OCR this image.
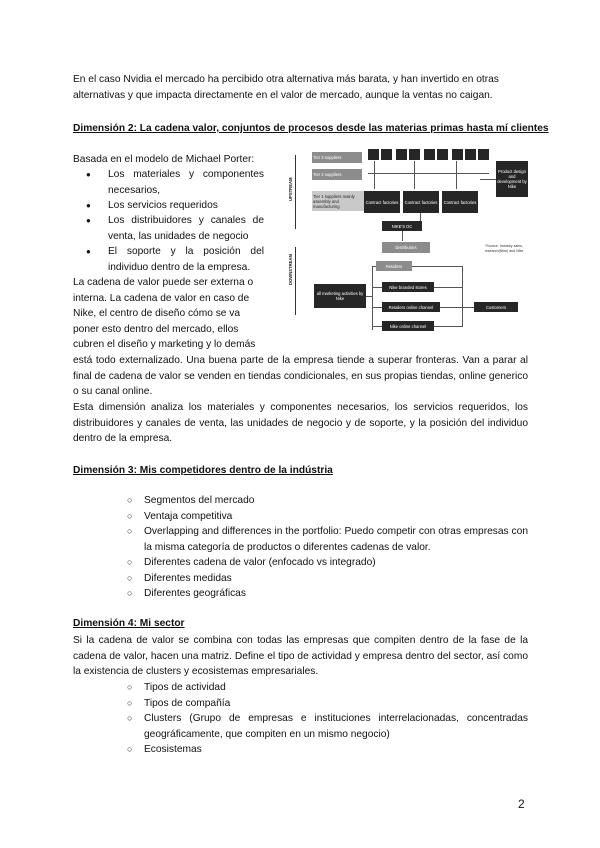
En el caso Nvidia el mercado ha percibido otra alternativa más barata, y han invertido en otras
alternativas y que impacta directamente en el valor de mercado, aunque la ventas no caigan.
Dimensión 2: La cadena valor, conjuntos de procesos desde las materias primas hasta mí clientes
Basada en el modelo de Michael Porter:
● Los materiales y componentes necesarios,
● Los servicios requeridos
● Los distribuidores y canales de venta, las unidades de negocio
● El soporte y la posición del individuo dentro de la empresa.
La cadena de valor puede ser externa o
interna. La cadena de valor en caso de
Nike, el centro de diseño cómo se va
poner esto dentro del mercado, ellos
cubren el diseño y marketing y lo demás
está todo externalizado. Una buena parte de la empresa tiende a superar fronteras. Van a parar al final de cadena de valor se venden en tiendas condicionales, en sus propias tiendas, online generico o su canal online.
Esta dimensión analiza los materiales y componentes necesarios, los servicios requeridos, los distribuidores y canales de venta, las unidades de negocio y de soporte, y la posición del individuo dentro de la empresa.
UPSTREAM
DOWNSTREAM
Tier 3 suppliers
Tier 2 suppliers
Tier 1 suppliers mainly assembly and manufacturing
Contract factories	Contract factories	Contract factories
Product design and development by Nike
NIKE'S DC
Distributors	*Source: Industry sales, research(Nike) and Nike
Retailers
all marketing activities by Nike
Nike branded stores
Retailers online channel	Customers
Nike online channel
Dimensión 3: Mis competidores dentro de la indústria
○ Segmentos del mercado
○ Ventaja competitiva
○ Overlapping and differences in the portfolio: Puedo competir con otras empresas con la misma categoría de productos o diferentes cadenas de valor.
○ Diferentes cadena de valor (enfocado vs integrado)
○ Diferentes medidas
○ Diferentes geográficas
Dimensión 4: Mi sector
Si la cadena de valor se combina con todas las empresas que compiten dentro de la fase de la cadena de valor, hacen una matriz. Define el tipo de actividad y empresa dentro del sector, así como la existencia de clusters y ecosistemas empresariales.
○ Tipos de actividad
○ Tipos de compañía
○ Clusters (Grupo de empresas e instituciones interrelacionadas, concentradas geográficamente, que compiten en un mismo negocio)
○ Ecosistemas
2
